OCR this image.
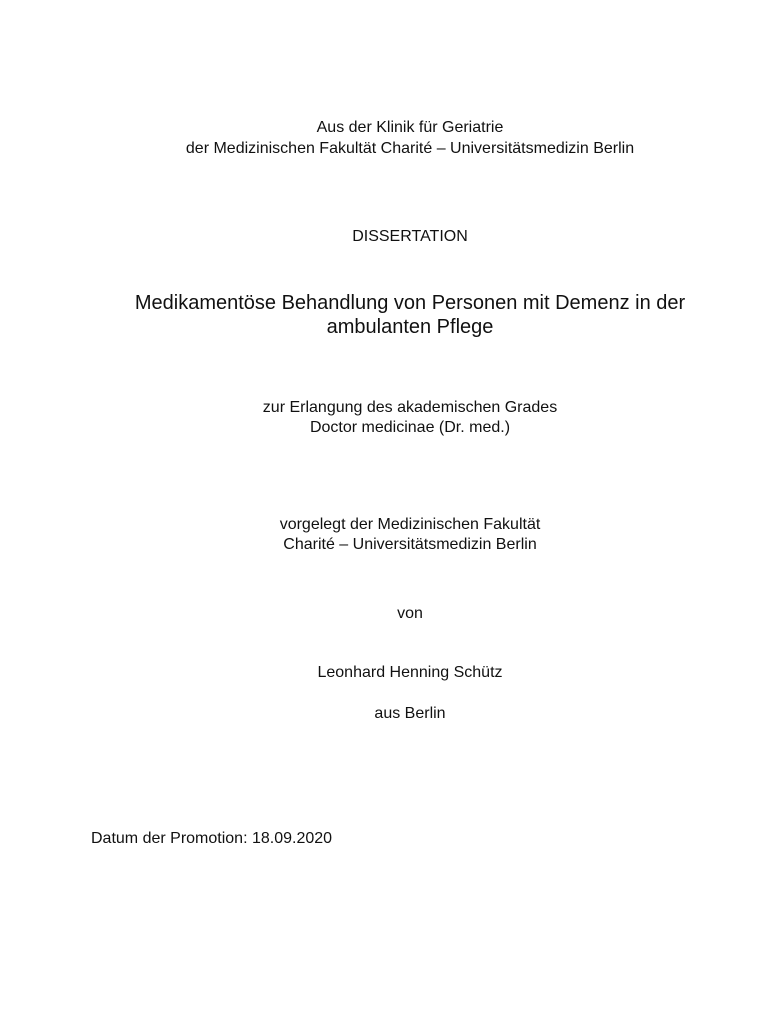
Aus der Klinik für Geriatrie
der Medizinischen Fakultät Charité – Universitätsmedizin Berlin
DISSERTATION
Medikamentöse Behandlung von Personen mit Demenz in der
ambulanten Pflege
zur Erlangung des akademischen Grades
Doctor medicinae (Dr. med.)
vorgelegt der Medizinischen Fakultät
Charité – Universitätsmedizin Berlin
von
Leonhard Henning Schütz
aus Berlin
Datum der Promotion: 18.09.2020
